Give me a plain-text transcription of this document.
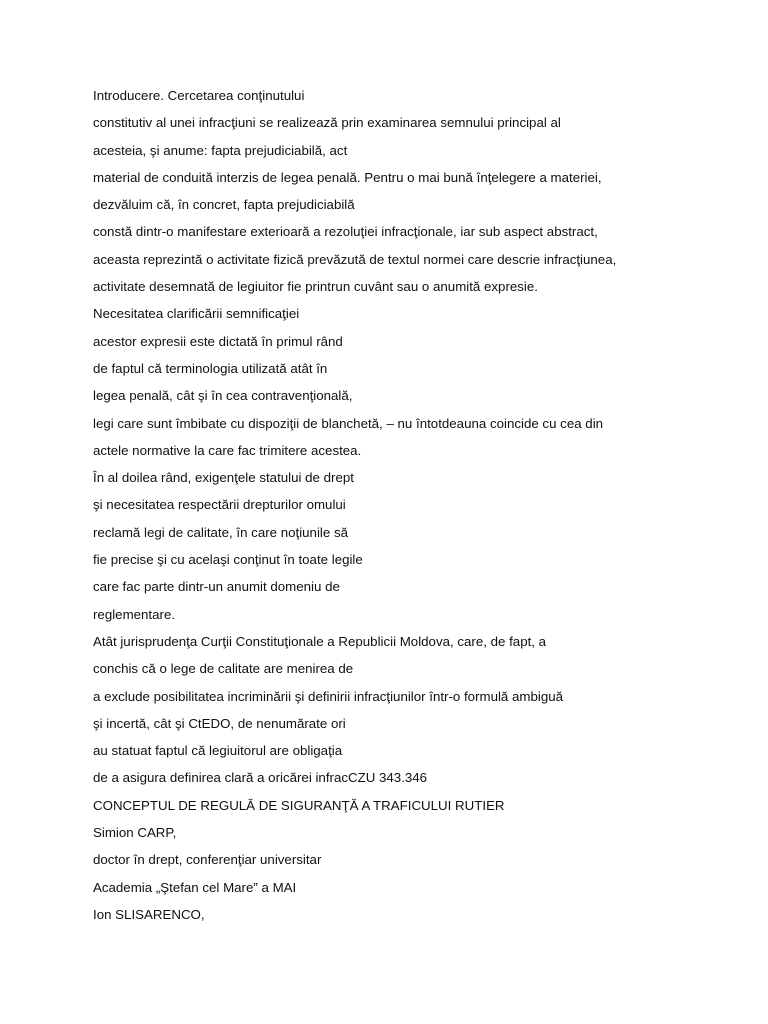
Introducere. Cercetarea conţinutului
constitutiv al unei infracţiuni se realizează prin examinarea semnului principal al
acesteia, şi anume: fapta prejudiciabilă, act
material de conduită interzis de legea penală. Pentru o mai bună înţelegere a materiei,
dezvăluim că, în concret, fapta prejudiciabilă
constă dintr-o manifestare exterioară a rezoluţiei infracţionale, iar sub aspect abstract,
aceasta reprezintă o activitate fizică prevăzută de textul normei care descrie infracţiunea,
activitate desemnată de legiuitor fie printrun cuvânt sau o anumită expresie.
Necesitatea clarificării semnificaţiei
acestor expresii este dictată în primul rând
de faptul că terminologia utilizată atât în
legea penală, cât şi în cea contravenţională,
legi care sunt îmbibate cu dispoziţii de blanchetă, – nu întotdeauna coincide cu cea din
actele normative la care fac trimitere acestea.
În al doilea rând, exigenţele statului de drept
şi necesitatea respectării drepturilor omului
reclamă legi de calitate, în care noţiunile să
fie precise şi cu acelaşi conţinut în toate legile
care fac parte dintr-un anumit domeniu de
reglementare.
Atât jurisprudenţa Curţii Constituţionale a Republicii Moldova, care, de fapt, a
conchis că o lege de calitate are menirea de
a exclude posibilitatea incriminării şi definirii infracţiunilor într-o formulă ambiguă
şi incertă, cât şi CtEDO, de nenumărate ori
au statuat faptul că legiuitorul are obligaţia
de a asigura definirea clară a oricărei infracCZU 343.346
CONCEPTUL DE REGULĂ DE SIGURANŢĂ A TRAFICULUI RUTIER
Simion CARP,
doctor în drept, conferenţiar universitar
Academia „Ştefan cel Mare” a MAI
Ion SLISARENCO,
